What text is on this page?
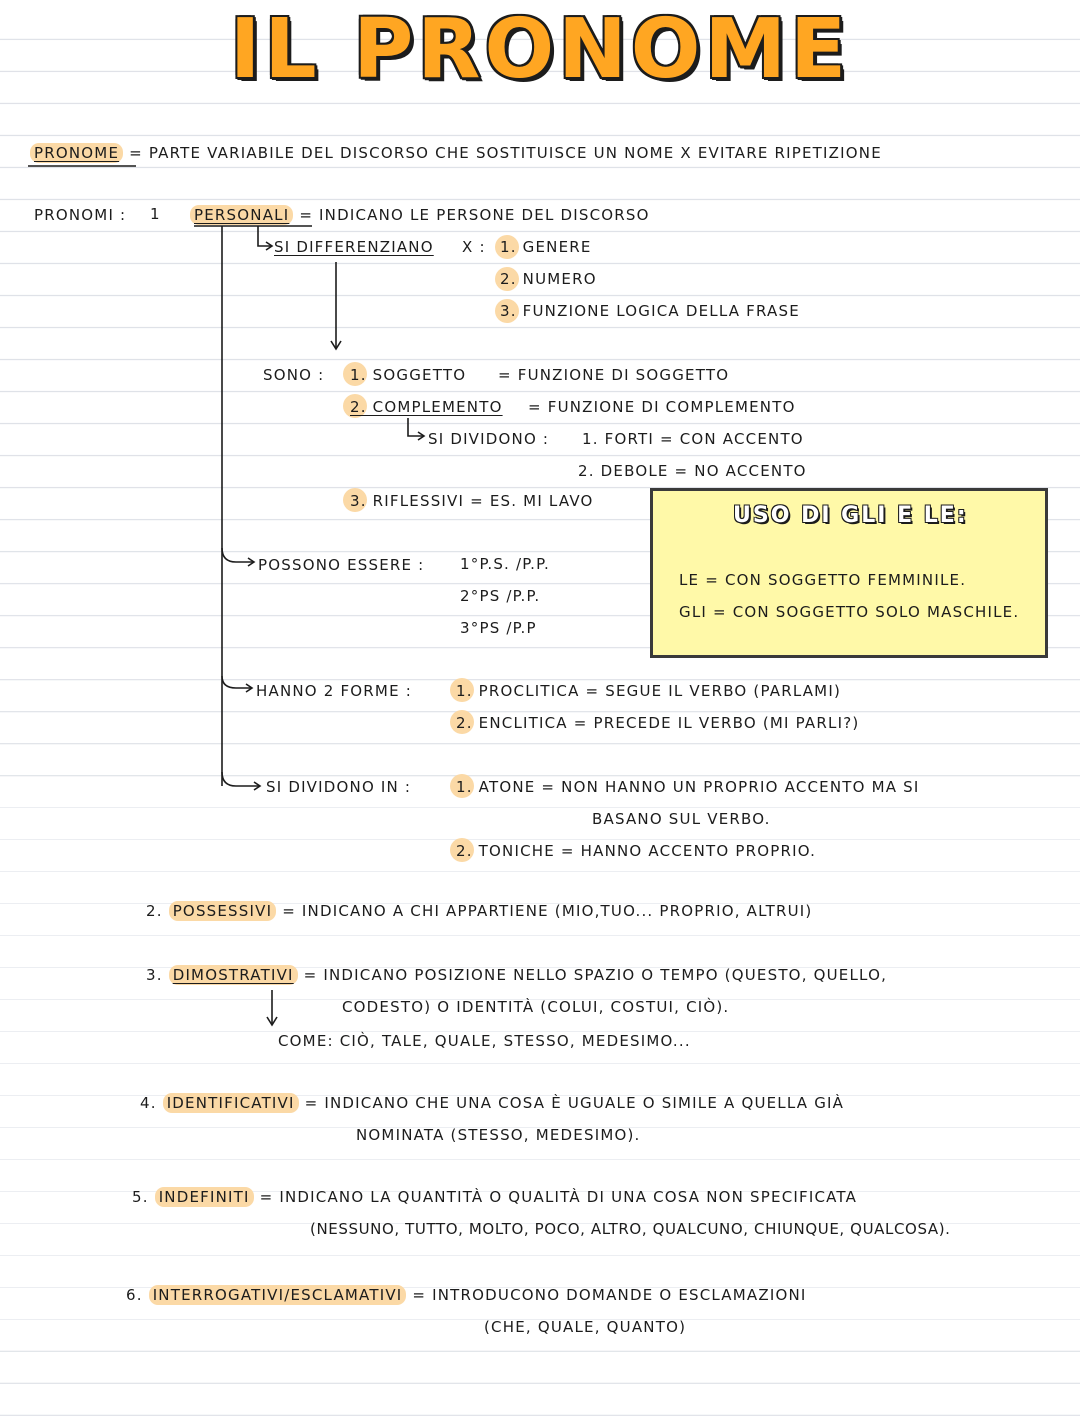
IL PRONOME
PRONOME = PARTE VARIABILE DEL DISCORSO CHE SOSTITUISCE UN NOME X EVITARE RIPETIZIONE
PRONOMI : 1 PERSONALI = INDICANO LE PERSONE DEL DISCORSO
SI DIFFERENZIANO X : 1. GENERE
2. NUMERO
3. FUNZIONE LOGICA DELLA FRASE
SONO : 1. SOGGETTO = FUNZIONE DI SOGGETTO
2. COMPLEMENTO = FUNZIONE DI COMPLEMENTO
SI DIVIDONO : 1. FORTI = CON ACCENTO
2. DEBOLE = NO ACCENTO
3. RIFLESSIVI = ES. MI LAVO
POSSONO ESSERE : 1°P.S. /P.P.
2°PS /P.P.
3°PS /P.P
USO DI GLI E LE:
LE = CON SOGGETTO FEMMINILE.
GLI = CON SOGGETTO SOLO MASCHILE.
HANNO 2 FORME :	1. PROCLITICA = SEGUE IL VERBO (PARLAMI)
2. ENCLITICA = PRECEDE IL VERBO (MI PARLI?)
SI DIVIDONO IN :	1. ATONE = NON HANNO UN PROPRIO ACCENTO MA SI
BASANO SUL VERBO.
2. TONICHE = HANNO ACCENTO PROPRIO.
2. POSSESSIVI = INDICANO A CHI APPARTIENE (MIO,TUO... PROPRIO, ALTRUI)
3. DIMOSTRATIVI = INDICANO POSIZIONE NELLO SPAZIO O TEMPO (QUESTO, QUELLO,
CODESTO) O IDENTITÀ (COLUI, COSTUI, CIÒ).
COME: CIÒ, TALE, QUALE, STESSO, MEDESIMO...
4. IDENTIFICATIVI = INDICANO CHE UNA COSA È UGUALE O SIMILE A QUELLA GIÀ
NOMINATA (STESSO, MEDESIMO).
5. INDEFINITI = INDICANO LA QUANTITÀ O QUALITÀ DI UNA COSA NON SPECIFICATA
(NESSUNO, TUTTO, MOLTO, POCO, ALTRO, QUALCUNO, CHIUNQUE, QUALCOSA).
6. INTERROGATIVI/ESCLAMATIVI = INTRODUCONO DOMANDE O ESCLAMAZIONI
(CHE, QUALE, QUANTO)
